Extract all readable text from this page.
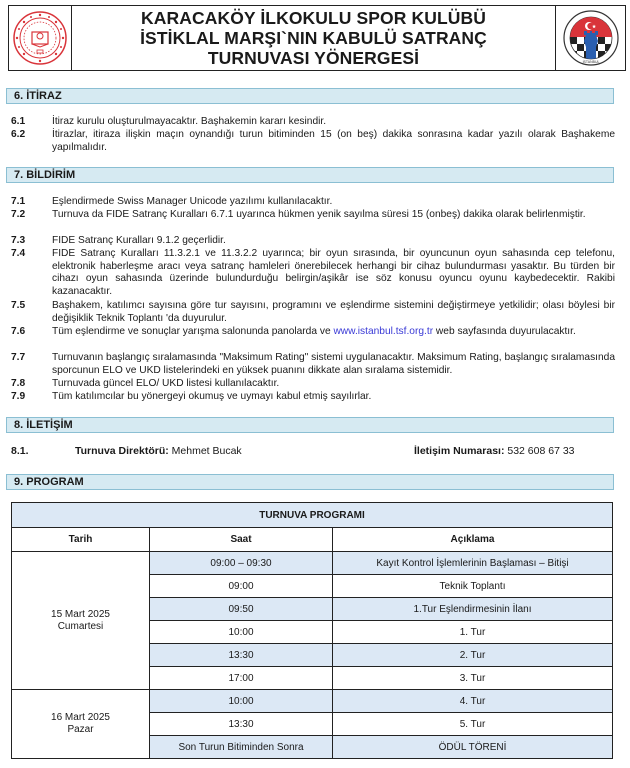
KARACAKÖY İLKOKULU SPOR KULÜBÜ
İSTİKLAL MARŞI`NIN KABULÜ SATRANÇ
TURNUVASI YÖNERGESİ	İSTANBUL
6. İTİRAZ
6.1	İtiraz kurulu oluşturulmayacaktır. Başhakemin kararı kesindir.
6.2	İtirazlar, itiraza ilişkin maçın oynandığı turun bitiminden 15 (on beş) dakika sonrasına kadar yazılı olarak Başhakeme yapılmalıdır.
7. BİLDİRİM
7.1	Eşlendirmede Swiss Manager Unicode yazılımı kullanılacaktır.
7.2	Turnuva da FIDE Satranç Kuralları 6.7.1 uyarınca hükmen yenik sayılma süresi 15 (onbeş) dakika olarak belirlenmiştir.
7.3	FIDE Satranç Kuralları 9.1.2 geçerlidir.
7.4	FIDE Satranç Kuralları 11.3.2.1 ve 11.3.2.2 uyarınca; bir oyun sırasında, bir oyuncunun oyun sahasında cep telefonu, elektronik haberleşme aracı veya satranç hamleleri önerebilecek herhangi bir cihaz bulundurması yasaktır. Bu türden bir cihazı oyun sahasında üzerinde bulundurduğu belirgin/aşikâr ise söz konusu oyuncu oyunu kaybedecektir. Rakibi kazanacaktır.
7.5	Başhakem, katılımcı sayısına göre tur sayısını, programını ve eşlendirme sistemini değiştirmeye yetkilidir; olası böylesi bir değişiklik Teknik Toplantı 'da duyurulur.
7.6	Tüm eşlendirme ve sonuçlar yarışma salonunda panolarda ve www.istanbul.tsf.org.tr web sayfasında duyurulacaktır.
7.7	Turnuvanın başlangıç sıralamasında "Maksimum Rating" sistemi uygulanacaktır. Maksimum Rating, başlangıç sıralamasında sporcunun ELO ve UKD listelerindeki en yüksek puanını dikkate alan sıralama sistemidir.
7.8	Turnuvada güncel ELO/ UKD listesi kullanılacaktır.
7.9	Tüm katılımcılar bu yönergeyi okumuş ve uymayı kabul etmiş sayılırlar.
8. İLETİŞİM
8.1.	Turnuva Direktörü: Mehmet Bucak	İletişim Numarası: 532 608 67 33
9. PROGRAM
TURNUVA PROGRAMI		
Tarih	Saat	Açıklama

15 Mart 2025
Cumartesi	09:00 – 09:30	Kayıt Kontrol İşlemlerinin Başlaması – Bitişi
	09:00	Teknik Toplantı
	09:50	1.Tur Eşlendirmesinin İlanı
	10:00	1. Tur
	13:30	2. Tur
	17:00	3. Tur

16 Mart 2025
Pazar	10:00	4. Tur
	13:30	5. Tur
	Son Turun Bitiminden Sonra	ÖDÜL TÖRENİ
